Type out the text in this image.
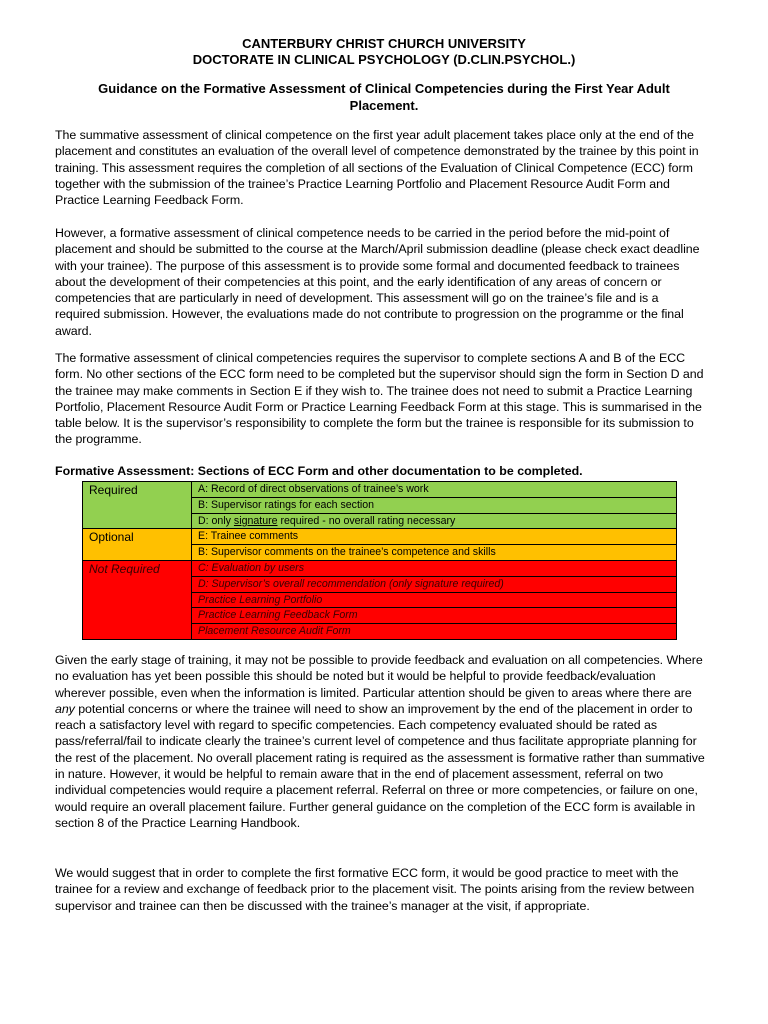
CANTERBURY CHRIST CHURCH UNIVERSITY
DOCTORATE IN CLINICAL PSYCHOLOGY (D.CLIN.PSYCHOL.)
Guidance on the Formative Assessment of Clinical Competencies during the First Year Adult
Placement.
The summative assessment of clinical competence on the first year adult placement takes place only at the end of the placement and constitutes an evaluation of the overall level of competence demonstrated by the trainee by this point in training. This assessment requires the completion of all sections of the Evaluation of Clinical Competence (ECC) form together with the submission of the trainee’s Practice Learning Portfolio and Placement Resource Audit Form and Practice Learning Feedback Form.
However, a formative assessment of clinical competence needs to be carried in the period before the mid-point of placement and should be submitted to the course at the March/April submission deadline (please check exact deadline with your trainee). The purpose of this assessment is to provide some formal and documented feedback to trainees about the development of their competencies at this point, and the early identification of any areas of concern or competencies that are particularly in need of development. This assessment will go on the trainee’s file and is a required submission. However, the evaluations made do not contribute to progression on the programme or the final award.
The formative assessment of clinical competencies requires the supervisor to complete sections A and B of the ECC form. No other sections of the ECC form need to be completed but the supervisor should sign the form in Section D and the trainee may make comments in Section E if they wish to. The trainee does not need to submit a Practice Learning Portfolio, Placement Resource Audit Form or Practice Learning Feedback Form at this stage. This is summarised in the table below. It is the supervisor’s responsibility to complete the form but the trainee is responsible for its submission to the programme.
Formative Assessment: Sections of ECC Form and other documentation to be completed.
Required	A: Record of direct observations of trainee’s work
	B: Supervisor ratings for each section
	D: only signature required - no overall rating necessary
Optional	E: Trainee comments
	B: Supervisor comments on the trainee’s competence and skills
Not Required	C: Evaluation by users
	D: Supervisor’s overall recommendation (only signature required)
	Practice Learning Portfolio
	Practice Learning Feedback Form
	Placement Resource Audit Form
Given the early stage of training, it may not be possible to provide feedback and evaluation on all competencies. Where no evaluation has yet been possible this should be noted but it would be helpful to provide feedback/evaluation wherever possible, even when the information is limited. Particular attention should be given to areas where there are any potential concerns or where the trainee will need to show an improvement by the end of the placement in order to reach a satisfactory level with regard to specific competencies. Each competency evaluated should be rated as pass/referral/fail to indicate clearly the trainee’s current level of competence and thus facilitate appropriate planning for the rest of the placement. No overall placement rating is required as the assessment is formative rather than summative in nature. However, it would be helpful to remain aware that in the end of placement assessment, referral on two individual competencies would require a placement referral. Referral on three or more competencies, or failure on one, would require an overall placement failure. Further general guidance on the completion of the ECC form is available in section 8 of the Practice Learning Handbook.
We would suggest that in order to complete the first formative ECC form, it would be good practice to meet with the trainee for a review and exchange of feedback prior to the placement visit. The points arising from the review between supervisor and trainee can then be discussed with the trainee’s manager at the visit, if appropriate.
